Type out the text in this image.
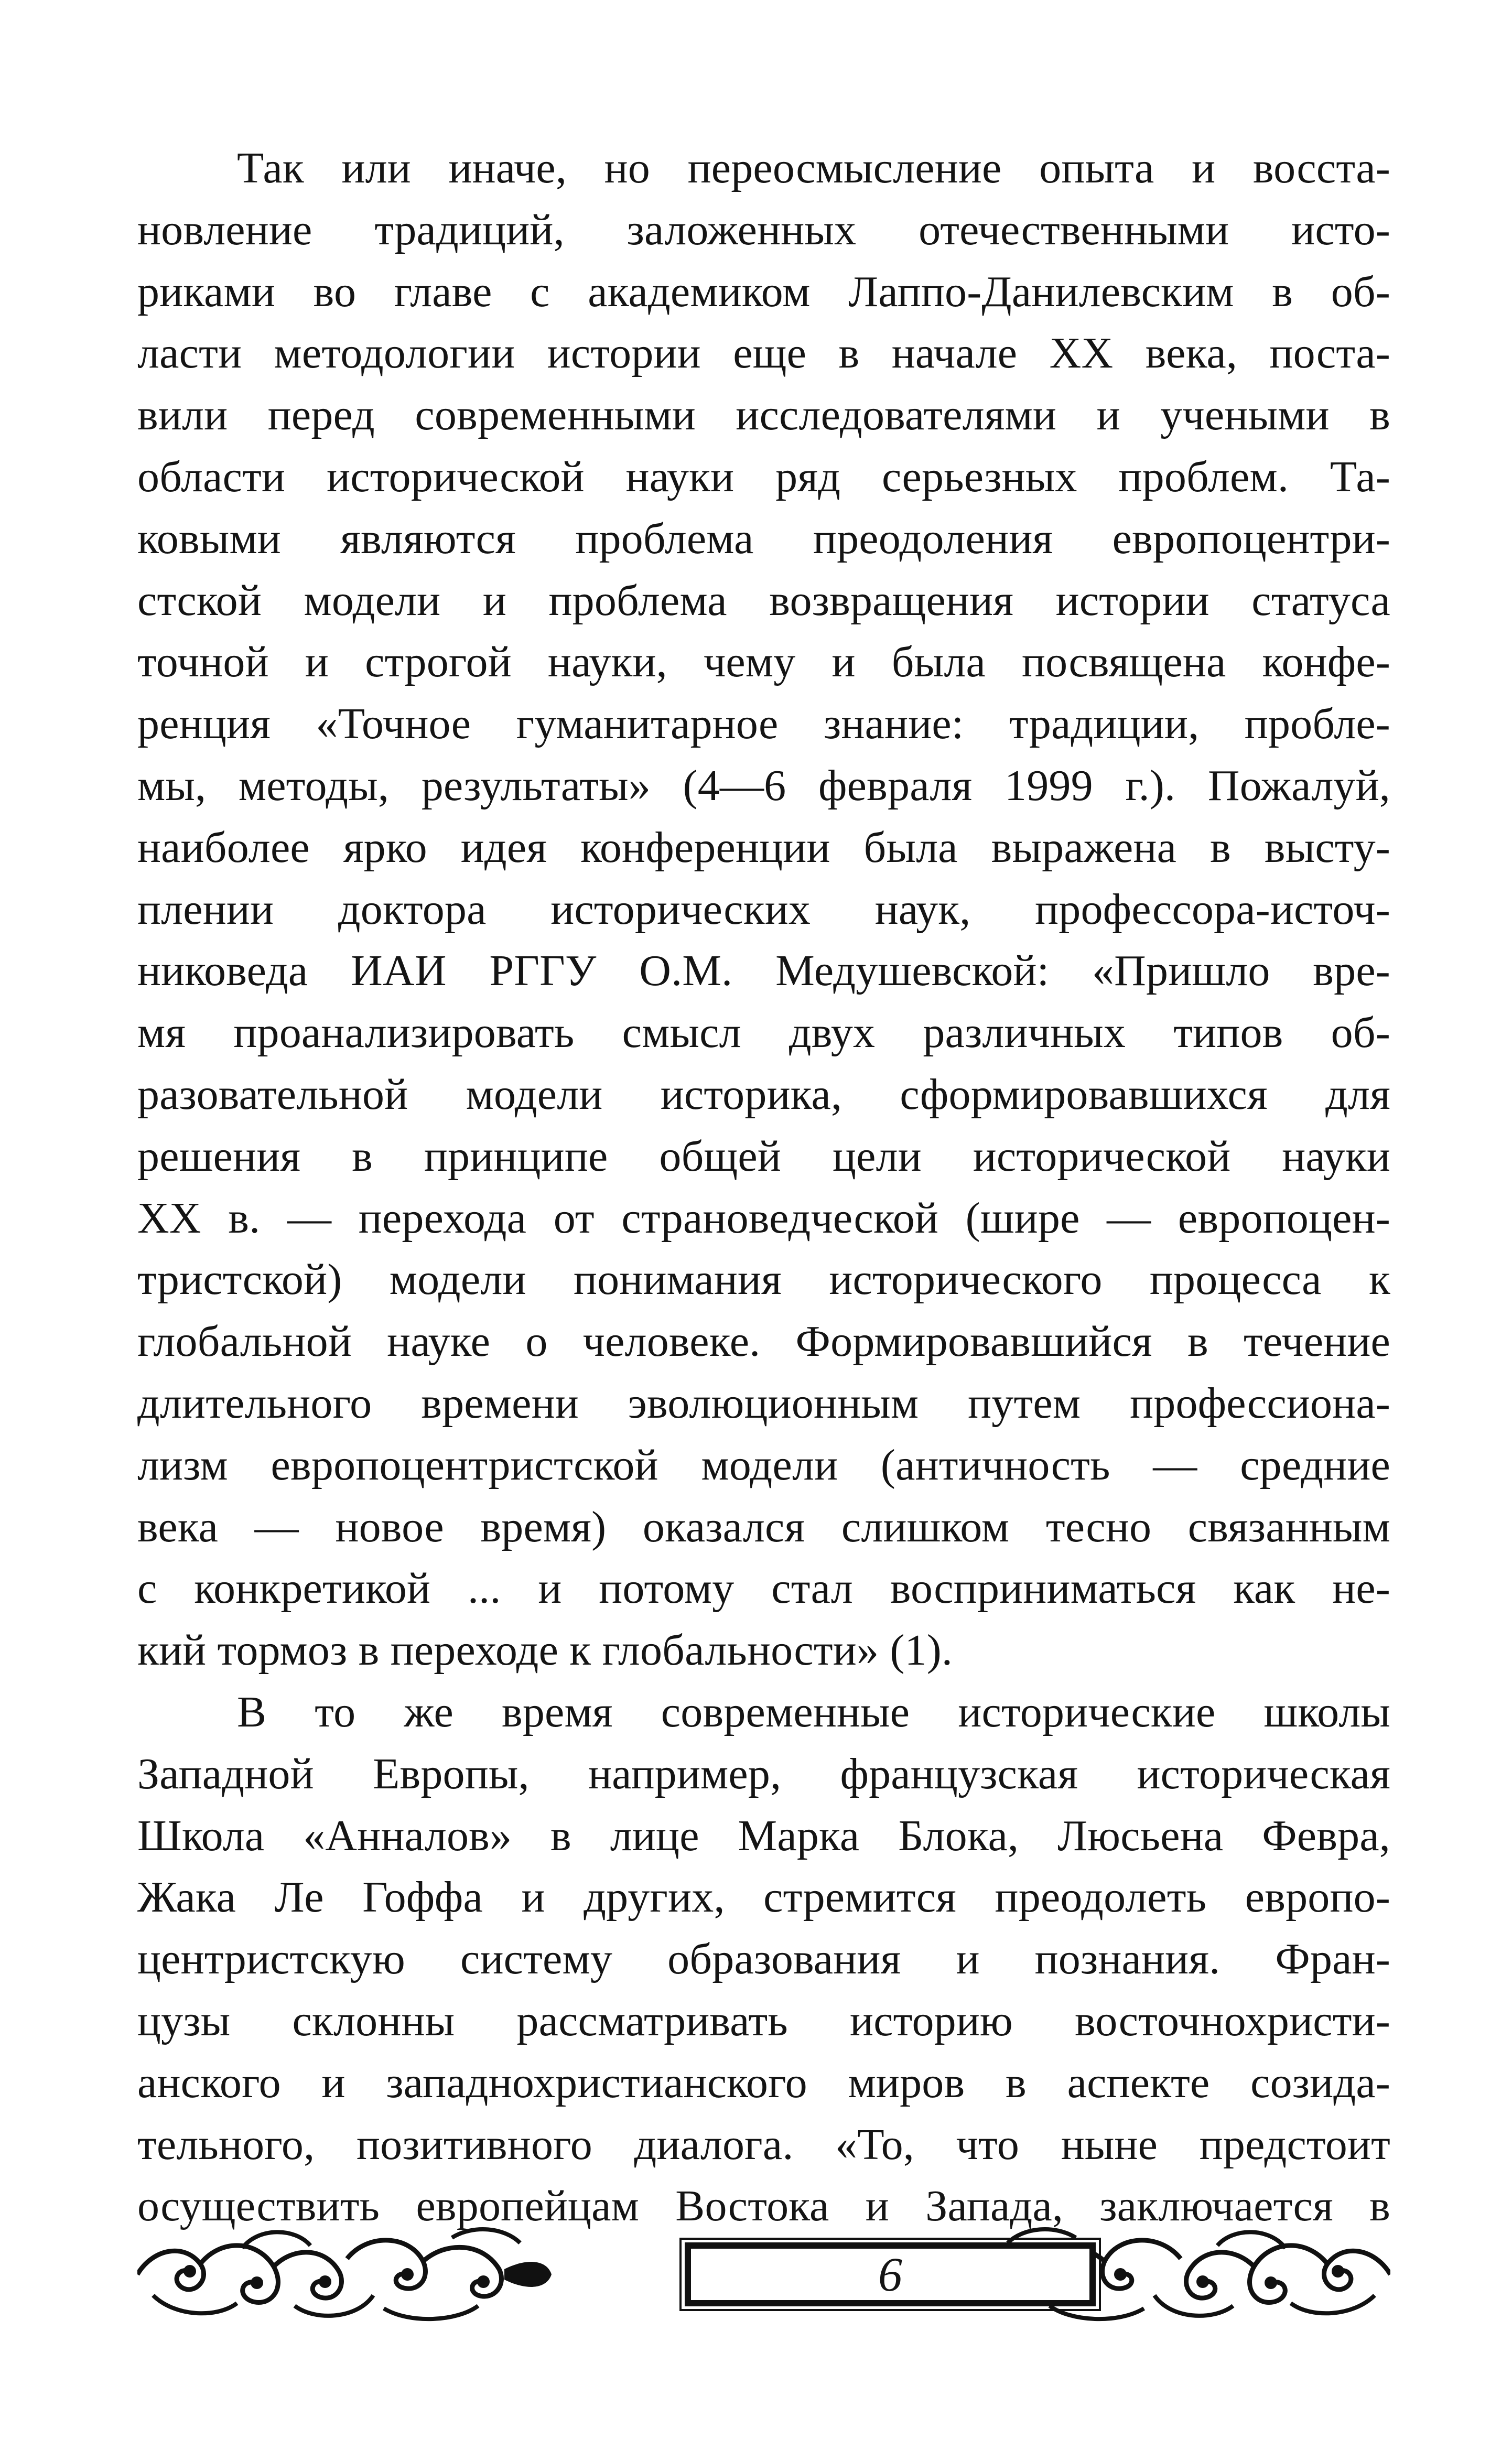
Так или иначе, но переосмысление опыта и восста-
новление традиций, заложенных отечественными исто-
риками во главе с академиком Лаппо-Данилевским в об-
ласти методологии истории еще в начале XX века, поста-
вили перед современными исследователями и учеными в
области исторической науки ряд серьезных проблем. Та-
ковыми являются проблема преодоления европоцентри-
стской модели и проблема возвращения истории статуса
точной и строгой науки, чему и была посвящена конфе-
ренция «Точное гуманитарное знание: традиции, пробле-
мы, методы, результаты» (4—6 февраля 1999 г.). Пожалуй,
наиболее ярко идея конференции была выражена в высту-
плении доктора исторических наук, профессора-источ-
никоведа ИАИ РГГУ О.М. Медушевской: «Пришло вре-
мя проанализировать смысл двух различных типов об-
разовательной модели историка, сформировавшихся для
решения в принципе общей цели исторической науки
XX в. — перехода от страноведческой (шире — европоцен-
тристской) модели понимания исторического процесса к
глобальной науке о человеке. Формировавшийся в течение
длительного времени эволюционным путем профессиона-
лизм европоцентристской модели (античность — средние
века — новое время) оказался слишком тесно связанным
с конкретикой ... и потому стал восприниматься как не-
кий тормоз в переходе к глобальности» (1).
В то же время современные исторические школы
Западной Европы, например, французская историческая
Школа «Анналов» в лице Марка Блока, Люсьена Февра,
Жака Ле Гоффа и других, стремится преодолеть европо-
центристскую систему образования и познания. Фран-
цузы склонны рассматривать историю восточнохристи-
анского и западнохристианского миров в аспекте созида-
тельного, позитивного диалога. «То, что ныне предстоит
осуществить европейцам Востока и Запада, заключается в
6
